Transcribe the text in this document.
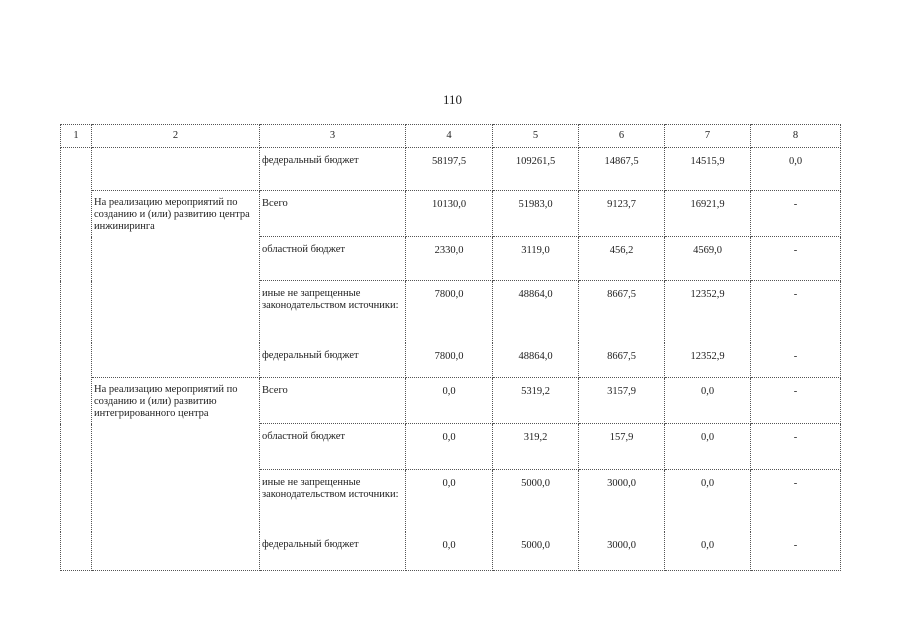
110
1	2	3	4	5	6	7	8
		федеральный бюджет	58197,5	109261,5	14867,5	14515,9	0,0
	На реализацию мероприятий по созданию и (или) развитию центра инжиниринга	Всего	10130,0	51983,0	9123,7	16921,9	-
		областной бюджет	2330,0	3119,0	456,2	4569,0	-
		иные не запрещенные законодательством источники:	7800,0	48864,0	8667,5	12352,9	-
		федеральный бюджет	7800,0	48864,0	8667,5	12352,9	-
	На реализацию мероприятий по созданию и (или) развитию интегрированного центра	Всего	0,0	5319,2	3157,9	0,0	-
		областной бюджет	0,0	319,2	157,9	0,0	-
		иные не запрещенные законодательством источники:	0,0	5000,0	3000,0	0,0	-
		федеральный бюджет	0,0	5000,0	3000,0	0,0	-
